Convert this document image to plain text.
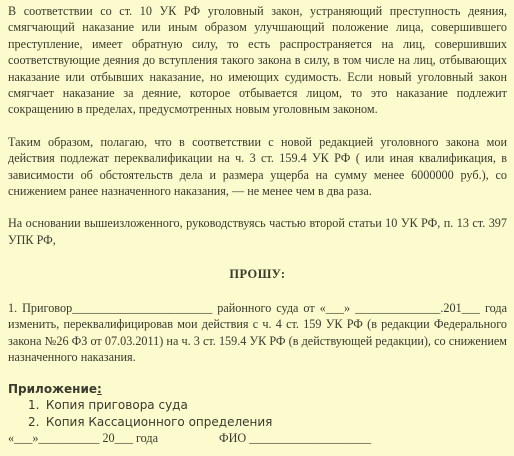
В соответствии со ст. 10 УК РФ уголовный закон, устраняющий преступность деяния, смягчающий наказание или иным образом улучшающий положение лица, совершившего преступление, имеет обратную силу, то есть распространяется на лиц, совершивших соответствующие деяния до вступления такого закона в силу, в том числе на лиц, отбывающих наказание или отбывших наказание, но имеющих судимость. Если новый уголовный закон смягчает наказание за деяние, которое отбывается лицом, то это наказание подлежит сокращению в пределах, предусмотренных новым уголовным законом.

Таким образом, полагаю, что в соответствии с новой редакцией уголовного закона мои действия подлежат переквалификации на ч. 3 ст. 159.4 УК РФ ( или иная квалификация, в зависимости об обстоятельств дела и размера ущерба на сумму менее 6000000 руб.), со снижением ранее назначенного наказания, — не менее чем в два раза.

На основании вышеизложенного, руководствуясь частью второй статьи 10 УК РФ, п. 13 ст. 397 УПК РФ,

ПРОШУ:

1. Приговор_______________________ районного суда от «___» ______________.201___ года изменить, переквалифицировав мои действия с ч. 4 ст. 159 УК РФ (в редакции Федерального закона №26 ФЗ от 07.03.2011) на ч. 3 ст. 159.4 УК РФ (в действующей редакции), со снижением назначенного наказания.

Приложение:
1. Копия приговора суда
2. Копия Кассационного определения
«___»__________ 20___ года                    ФИО ____________________
